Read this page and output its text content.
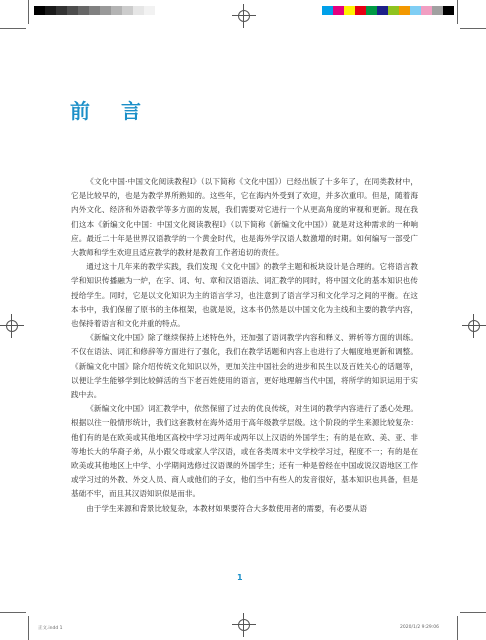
前 言

《文化中国·中国文化阅读教程Ⅰ》（以下简称《文化中国》）已经出版了十多年了，在同类教材中，它是比较早的，也是为教学界所熟知的。这些年，它在海内外受到了欢迎，并多次重印。但是，随着海内外文化、经济和外语教学等多方面的发展，我们需要对它进行一个从更高角度的审视和更新。现在我们这本《新编文化中国：中国文化阅读教程Ⅰ》（以下简称《新编文化中国》）就是对这种需求的一种响应。最近二十年是世界汉语教学的一个黄金时代，也是海外学汉语人数激增的时期。如何编写一部受广大教师和学生欢迎且适应教学的教材是教育工作者追切的责任。

通过这十几年来的教学实践，我们发现《文化中国》的教学主题和板块设计是合理的。它将语言教学和知识传播融为一炉，在字、词、句、章和汉语语法、词汇教学的同时，将中国文化的基本知识也传授给学生。同时，它是以文化知识为主的语言学习，也注意到了语言学习和文化学习之间的平衡。在这本书中，我们保留了原书的主体框架，也就是说，这本书仍然是以中国文化为主线和主要的教学内容，也保持着语言和文化并重的特点。

《新编文化中国》除了继续保持上述特色外，还加强了语词教学内容和释义、辨析等方面的训练。不仅在语法、词汇和修辞等方面进行了强化，我们在教学话题和内容上也进行了大幅度地更新和调整。《新编文化中国》除介绍传统文化知识以外，更加关注中国社会的进步和民生以及百姓关心的话题等，以便让学生能够学到比较鲜活的当下老百姓使用的语言，更好地理解当代中国，将所学的知识运用于实践中去。

《新编文化中国》词汇教学中，依然保留了过去的优良传统，对生词的教学内容进行了悉心处理。根据以往一般情形统计，我们这套教材在海外适用于高年级教学层级。这个阶段的学生来源比较复杂：他们有的是在欧美或其他地区高校中学习过两年或两年以上汉语的外国学生；有的是在欧、美、亚、非等地长大的华裔子弟，从小跟父母或家人学汉语，或在各类周末中文学校学习过，程度不一；有的是在欧美或其他地区上中学、小学期间选修过汉语课的外国学生；还有一种是曾经在中国或说汉语地区工作或学习过的外教、外交人员、商人或他们的子女，他们当中有些人的发音很好，基本知识也具备，但是基础不牢，而且其汉语知识似是而非。

由于学生来源和背景比较复杂，本教材如果要符合大多数使用者的需要，有必要从语

1
正文.indd 1	2020/1/2 9:29:06
